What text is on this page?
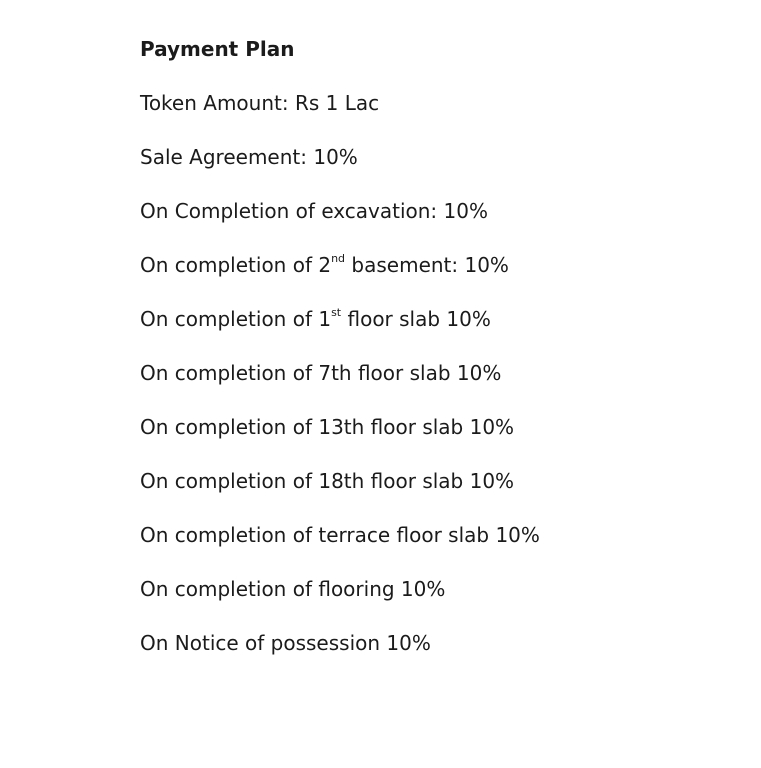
Payment Plan
Token Amount: Rs 1 Lac
Sale Agreement: 10%
On Completion of excavation: 10%
On completion of 2nd basement: 10%
On completion of 1st floor slab 10%
On completion of 7th floor slab 10%
On completion of 13th floor slab 10%
On completion of 18th floor slab 10%
On completion of terrace floor slab 10%
On completion of flooring 10%
On Notice of possession 10%
